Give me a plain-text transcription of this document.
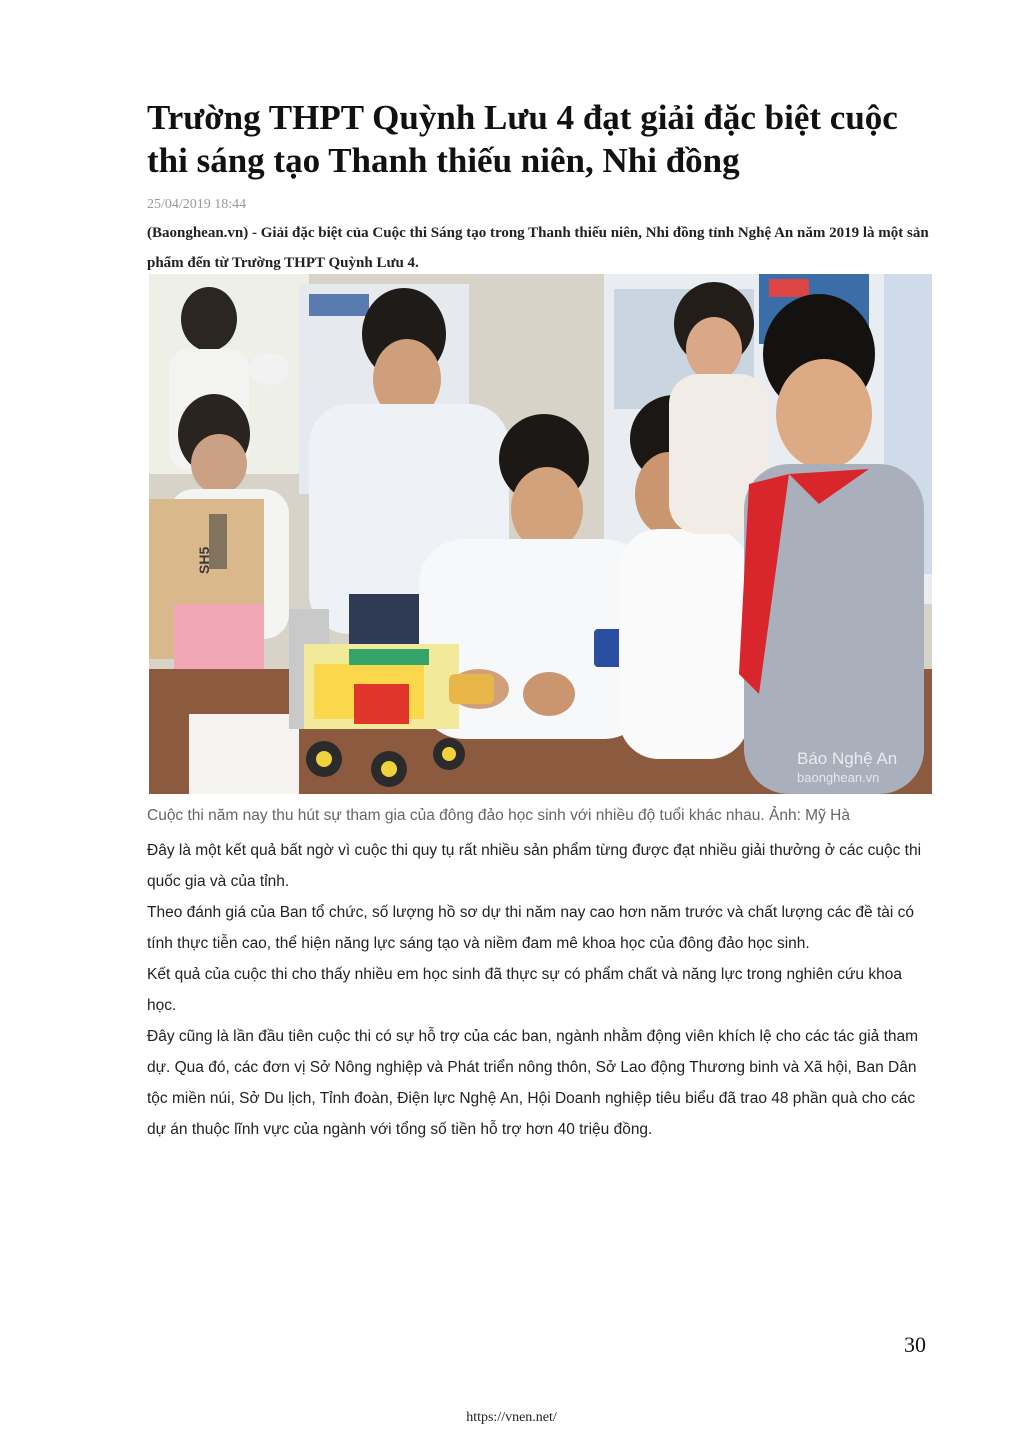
Trường THPT Quỳnh Lưu 4 đạt giải đặc biệt cuộc thi sáng tạo Thanh thiếu niên, Nhi đồng
25/04/2019 18:44
(Baonghean.vn) - Giải đặc biệt của Cuộc thi Sáng tạo trong Thanh thiếu niên, Nhi đồng tỉnh Nghệ An năm 2019 là một sản phẩm đến từ Trường THPT Quỳnh Lưu 4.
SH5
Báo Nghệ An
baonghean.vn
Cuộc thi năm nay thu hút sự tham gia của đông đảo học sinh với nhiều độ tuổi khác nhau. Ảnh: Mỹ Hà

Đây là một kết quả bất ngờ vì cuộc thi quy tụ rất nhiều sản phẩm từng được đạt nhiều giải thưởng ở các cuộc thi quốc gia và của tỉnh.

Theo đánh giá của Ban tổ chức, số lượng hồ sơ dự thi năm nay cao hơn năm trước và chất lượng các đề tài có tính thực tiễn cao, thể hiện năng lực sáng tạo và niềm đam mê khoa học của đông đảo học sinh.

Kết quả của cuộc thi cho thấy nhiều em học sinh đã thực sự có phẩm chất và năng lực trong nghiên cứu khoa học.

Đây cũng là lần đầu tiên cuộc thi có sự hỗ trợ của các ban, ngành nhằm động viên khích lệ cho các tác giả tham dự. Qua đó, các đơn vị Sở Nông nghiệp và Phát triển nông thôn, Sở Lao động Thương binh và Xã hội, Ban Dân tộc miền núi, Sở Du lịch, Tỉnh đoàn, Điện lực Nghệ An, Hội Doanh nghiệp tiêu biểu đã trao 48 phần quà cho các dự án thuộc lĩnh vực của ngành với tổng số tiền hỗ trợ hơn 40 triệu đồng.

30
https://vnen.net/
